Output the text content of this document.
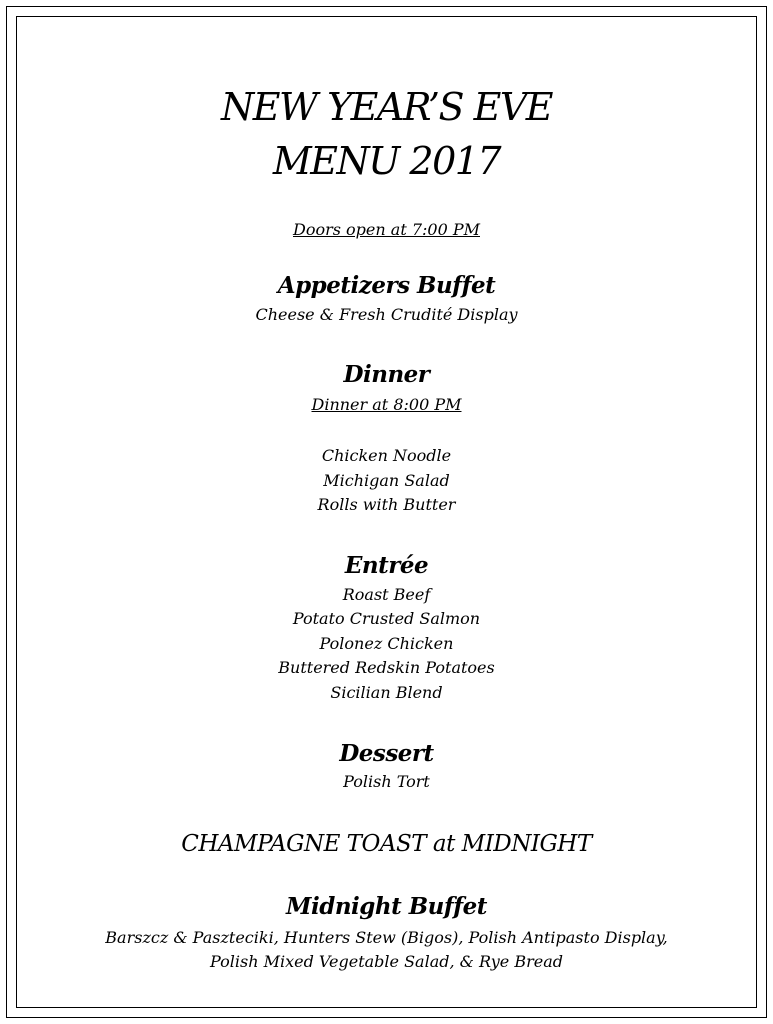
NEW YEAR’S EVE
MENU 2017
Doors open at 7:00 PM
Appetizers Buffet
Cheese & Fresh Crudité Display
Dinner
Dinner at 8:00 PM
Chicken Noodle
Michigan Salad
Rolls with Butter
Entrée
Roast Beef
Potato Crusted Salmon
Polonez Chicken
Buttered Redskin Potatoes
Sicilian Blend
Dessert
Polish Tort
CHAMPAGNE TOAST at MIDNIGHT
Midnight Buffet
Barszcz & Paszteciki, Hunters Stew (Bigos), Polish Antipasto Display,
Polish Mixed Vegetable Salad, & Rye Bread
